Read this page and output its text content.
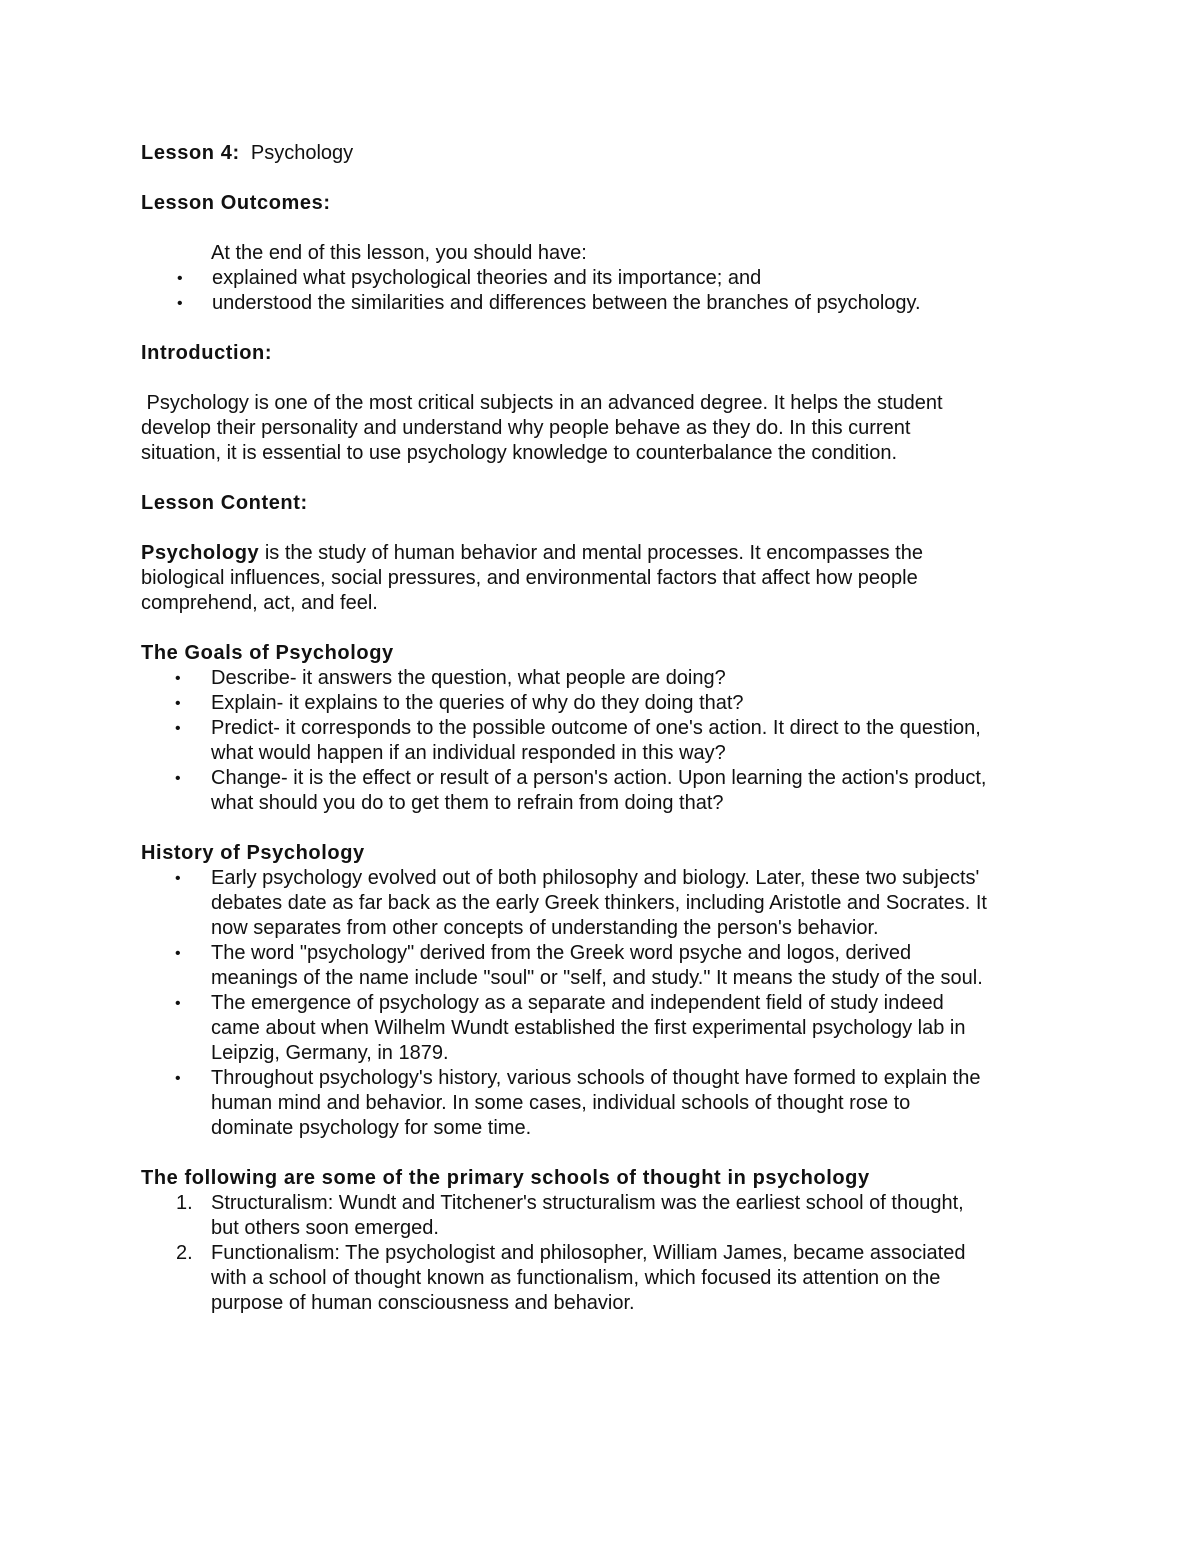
Lesson 4: Psychology

Lesson Outcomes:

At the end of this lesson, you should have:

• explained what psychological theories and its importance; and
• understood the similarities and differences between the branches of psychology.

Introduction:

Psychology is one of the most critical subjects in an advanced degree. It helps the student

develop their personality and understand why people behave as they do. In this current

situation, it is essential to use psychology knowledge to counterbalance the condition.

Lesson Content:

Psychology is the study of human behavior and mental processes. It encompasses the

biological influences, social pressures, and environmental factors that affect how people

comprehend, act, and feel.

The Goals of Psychology

• Describe- it answers the question, what people are doing?
• Explain- it explains to the queries of why do they doing that?
• Predict- it corresponds to the possible outcome of one's action. It direct to the question,
what would happen if an individual responded in this way?
• Change- it is the effect or result of a person's action. Upon learning the action's product,
what should you do to get them to refrain from doing that?

History of Psychology

• Early psychology evolved out of both philosophy and biology. Later, these two subjects'
debates date as far back as the early Greek thinkers, including Aristotle and Socrates. It
now separates from other concepts of understanding the person's behavior.
• The word "psychology" derived from the Greek word psyche and logos, derived
meanings of the name include "soul" or "self, and study." It means the study of the soul.
• The emergence of psychology as a separate and independent field of study indeed
came about when Wilhelm Wundt established the first experimental psychology lab in
Leipzig, Germany, in 1879.
• Throughout psychology's history, various schools of thought have formed to explain the
human mind and behavior. In some cases, individual schools of thought rose to
dominate psychology for some time.

The following are some of the primary schools of thought in psychology

1. Structuralism: Wundt and Titchener's structuralism was the earliest school of thought,
but others soon emerged.
2. Functionalism: The psychologist and philosopher, William James, became associated
with a school of thought known as functionalism, which focused its attention on the
purpose of human consciousness and behavior.
